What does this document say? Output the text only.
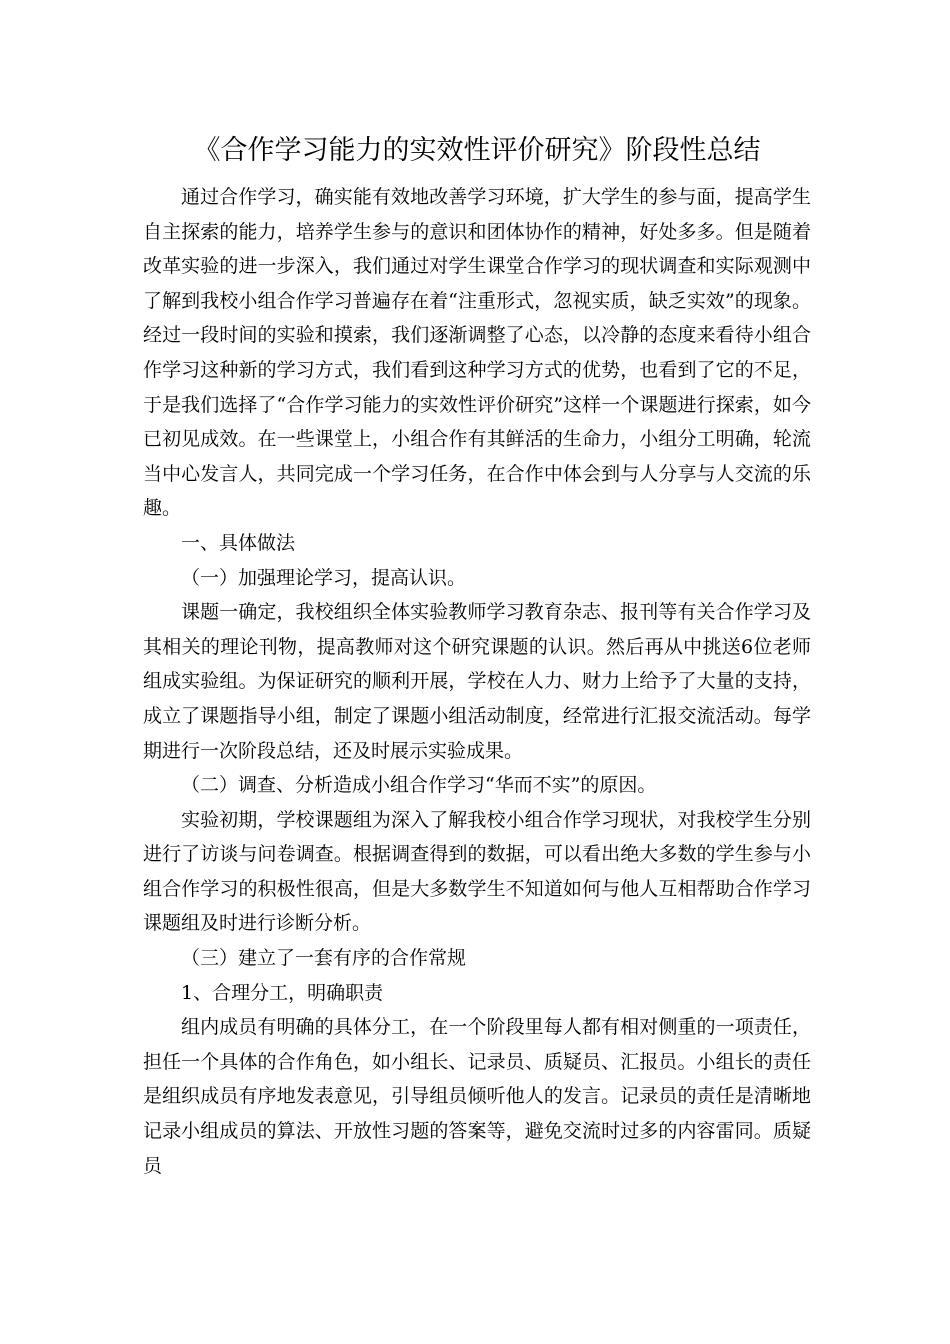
《合作学习能力的实效性评价研究》阶段性总结

通过合作学习，确实能有效地改善学习环境，扩大学生的参与面，提高学生自主探索的能力，培养学生参与的意识和团体协作的精神，好处多多。但是随着改革实验的进一步深入，我们通过对学生课堂合作学习的现状调查和实际观测中了解到我校小组合作学习普遍存在着“注重形式，忽视实质，缺乏实效”的现象。经过一段时间的实验和摸索，我们逐渐调整了心态，以冷静的态度来看待小组合作学习这种新的学习方式，我们看到这种学习方式的优势，也看到了它的不足，于是我们选择了“合作学习能力的实效性评价研究”这样一个课题进行探索，如今已初见成效。在一些课堂上，小组合作有其鲜活的生命力，小组分工明确，轮流当中心发言人，共同完成一个学习任务，在合作中体会到与人分享与人交流的乐趣。

一、具体做法

（一）加强理论学习，提高认识。

课题一确定，我校组织全体实验教师学习教育杂志、报刊等有关合作学习及其相关的理论刊物，提高教师对这个研究课题的认识。然后再从中挑送6位老师组成实验组。为保证研究的顺利开展，学校在人力、财力上给予了大量的支持，成立了课题指导小组，制定了课题小组活动制度，经常进行汇报交流活动。每学期进行一次阶段总结，还及时展示实验成果。

（二）调查、分析造成小组合作学习“华而不实”的原因。

实验初期，学校课题组为深入了解我校小组合作学习现状，对我校学生分别进行了访谈与问卷调查。根据调查得到的数据，可以看出绝大多数的学生参与小组合作学习的积极性很高，但是大多数学生不知道如何与他人互相帮助合作学习课题组及时进行诊断分析。

（三）建立了一套有序的合作常规

1、合理分工，明确职责

组内成员有明确的具体分工，在一个阶段里每人都有相对侧重的一项责任，担任一个具体的合作角色，如小组长、记录员、质疑员、汇报员。小组长的责任是组织成员有序地发表意见，引导组员倾听他人的发言。记录员的责任是清晰地记录小组成员的算法、开放性习题的答案等，避免交流时过多的内容雷同。质疑员
